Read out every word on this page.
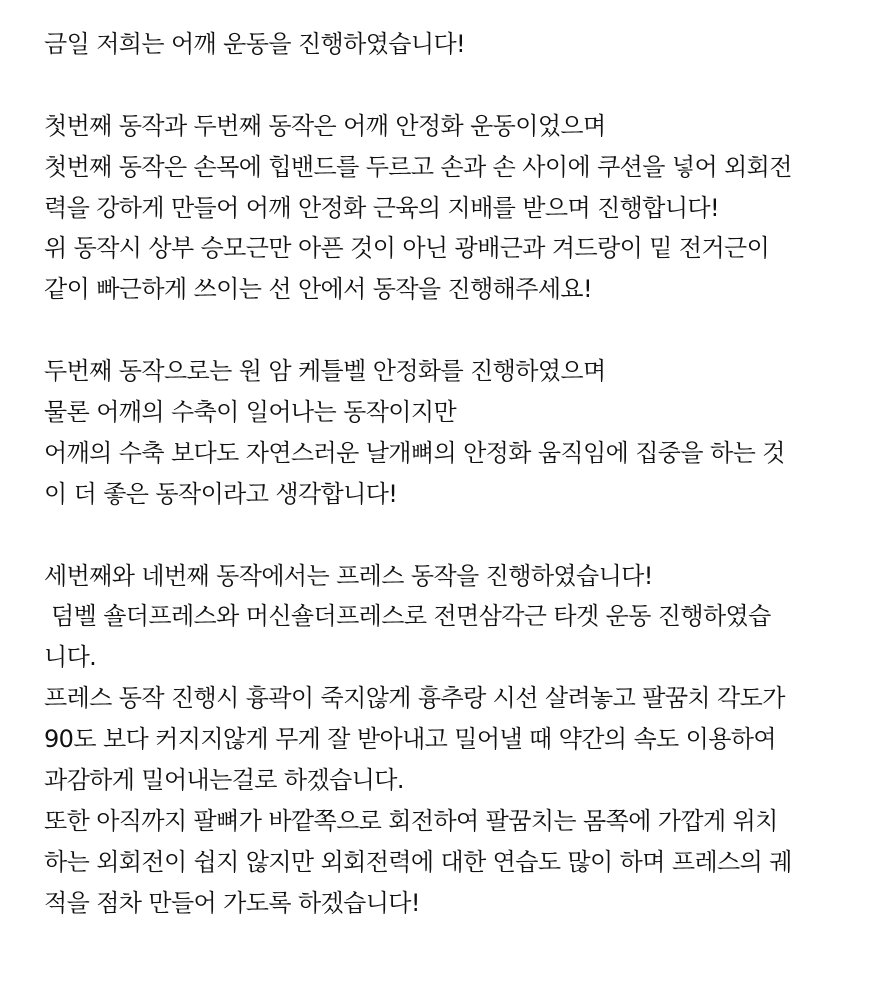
금일 저희는 어깨 운동을 진행하였습니다!
첫번째 동작과 두번째 동작은 어깨 안정화 운동이었으며
첫번째 동작은 손목에 힙밴드를 두르고 손과 손 사이에 쿠션을 넣어 외회전
력을 강하게 만들어 어깨 안정화 근육의 지배를 받으며 진행합니다!
위 동작시 상부 승모근만 아픈 것이 아닌 광배근과 겨드랑이 밑 전거근이
같이 빠근하게 쓰이는 선 안에서 동작을 진행해주세요!
두번째 동작으로는 원 암 케틀벨 안정화를 진행하였으며
물론 어깨의 수축이 일어나는 동작이지만
어깨의 수축 보다도 자연스러운 날개뼈의 안정화 움직임에 집중을 하는 것
이 더 좋은 동작이라고 생각합니다!
세번째와 네번째 동작에서는 프레스 동작을 진행하였습니다!
덤벨 숄더프레스와 머신숄더프레스로 전면삼각근 타겟 운동 진행하였습
니다.
프레스 동작 진행시 흉곽이 죽지않게 흉추랑 시선 살려놓고 팔꿈치 각도가
90도 보다 커지지않게 무게 잘 받아내고 밀어낼 때 약간의 속도 이용하여
과감하게 밀어내는걸로 하겠습니다.
또한 아직까지 팔뼈가 바깥쪽으로 회전하여 팔꿈치는 몸쪽에 가깝게 위치
하는 외회전이 쉽지 않지만 외회전력에 대한 연습도 많이 하며 프레스의 궤
적을 점차 만들어 가도록 하겠습니다!
